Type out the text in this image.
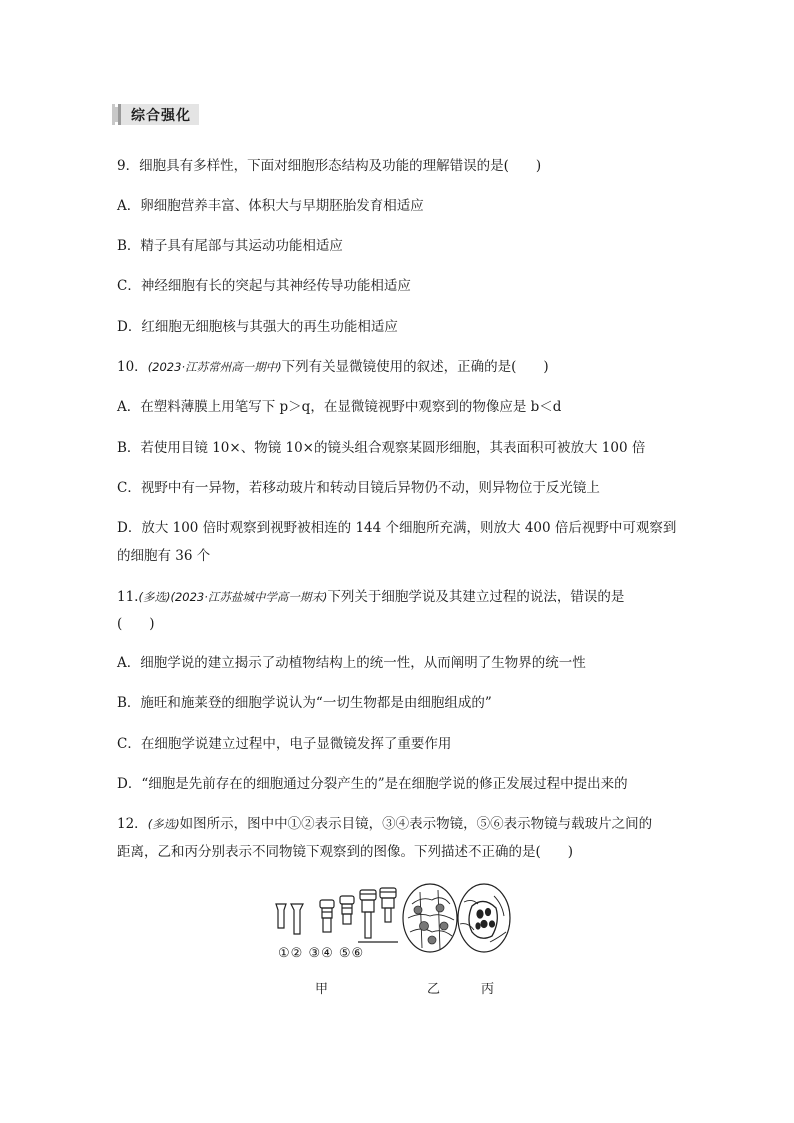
综合强化
9．细胞具有多样性，下面对细胞形态结构及功能的理解错误的是(　　)
A．卵细胞营养丰富、体积大与早期胚胎发育相适应
B．精子具有尾部与其运动功能相适应
C．神经细胞有长的突起与其神经传导功能相适应
D．红细胞无细胞核与其强大的再生功能相适应
10．(2023·江苏常州高一期中)下列有关显微镜使用的叙述，正确的是(　　)
A．在塑料薄膜上用笔写下 p＞q，在显微镜视野中观察到的物像应是 b＜d
B．若使用目镜 10×、物镜 10×的镜头组合观察某圆形细胞，其表面积可被放大 100 倍
C．视野中有一异物，若移动玻片和转动目镜后异物仍不动，则异物位于反光镜上
D．放大 100 倍时观察到视野被相连的 144 个细胞所充满，则放大 400 倍后视野中可观察到
的细胞有 36 个
11.(多选)(2023·江苏盐城中学高一期末)下列关于细胞学说及其建立过程的说法，错误的是
(　　)
A．细胞学说的建立揭示了动植物结构上的统一性，从而阐明了生物界的统一性
B．施旺和施莱登的细胞学说认为“一切生物都是由细胞组成的”
C．在细胞学说建立过程中，电子显微镜发挥了重要作用
D．“细胞是先前存在的细胞通过分裂产生的”是在细胞学说的修正发展过程中提出来的
12．(多选)如图所示，图中中①②表示目镜，③④表示物镜，⑤⑥表示物镜与载玻片之间的
距离，乙和丙分别表示不同物镜下观察到的图像。下列描述不正确的是(　　)
①② ③④ ⑤⑥
甲	乙	丙
